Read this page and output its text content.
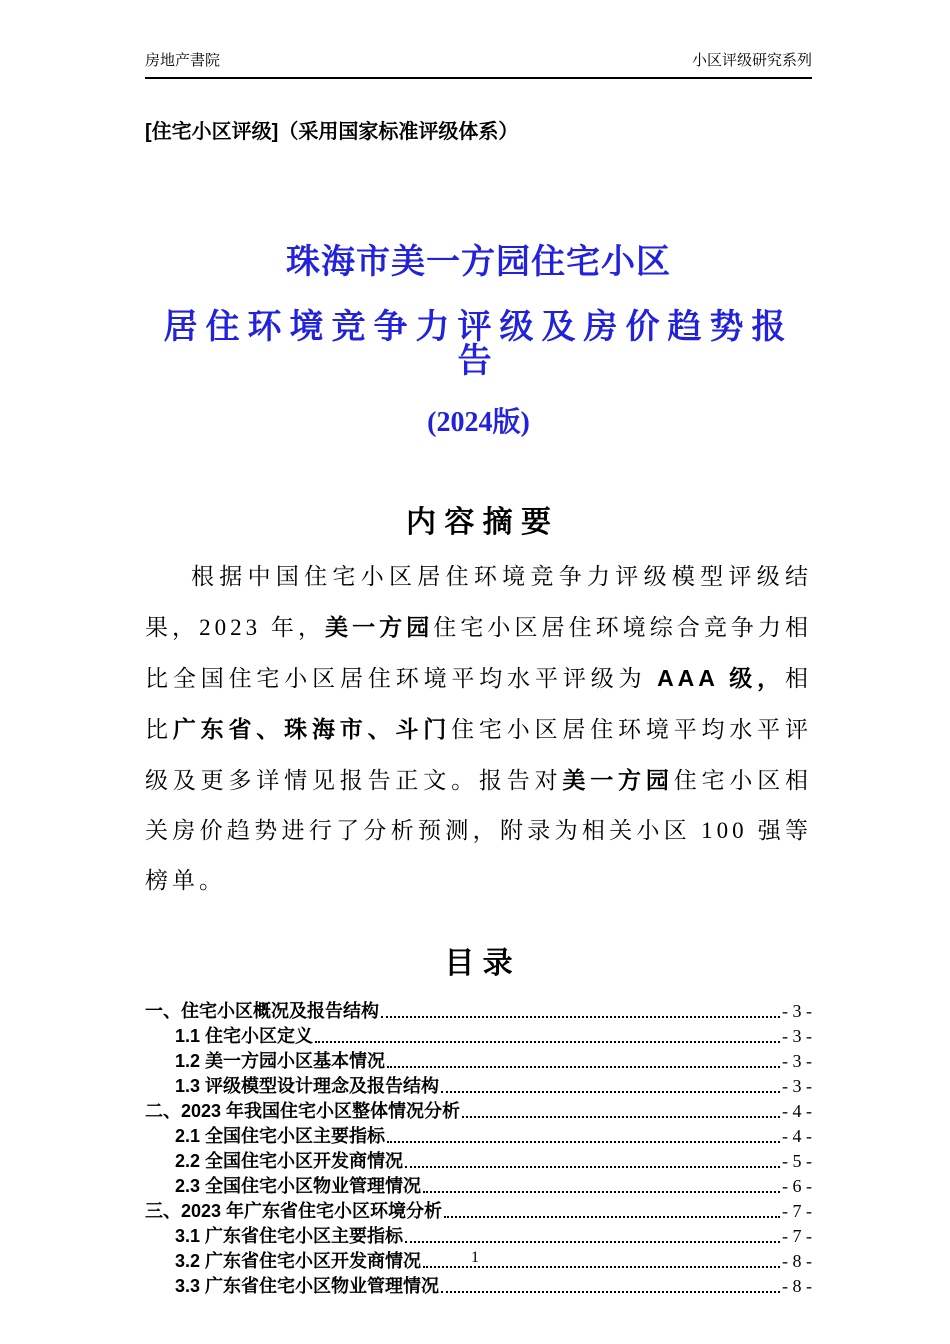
房地产書院	小区评级研究系列
[住宅小区评级]（采用国家标准评级体系）
珠海市美一方园住宅小区
居住环境竞争力评级及房价趋势报告
(2024版)
内 容 摘 要

根据中国住宅小区居住环境竞争力评级模型评级结果，2023 年，美一方园住宅小区居住环境综合竞争力相比全国住宅小区居住环境平均水平评级为 AAA 级，相比广东省、珠海市、斗门住宅小区居住环境平均水平评级及更多详情见报告正文。报告对美一方园住宅小区相关房价趋势进行了分析预测，附录为相关小区 100 强等榜单。

目 录
一、住宅小区概况及报告结构	- 3 -
1.1 住宅小区定义	- 3 -
1.2 美一方园小区基本情况	- 3 -
1.3 评级模型设计理念及报告结构	- 3 -
二、2023 年我国住宅小区整体情况分析	- 4 -
2.1 全国住宅小区主要指标	- 4 -
2.2 全国住宅小区开发商情况	- 5 -
2.3 全国住宅小区物业管理情况	- 6 -
三、2023 年广东省住宅小区环境分析	- 7 -
3.1 广东省住宅小区主要指标	- 7 -
3.2 广东省住宅小区开发商情况	- 8 -
3.3 广东省住宅小区物业管理情况	- 8 -
1
